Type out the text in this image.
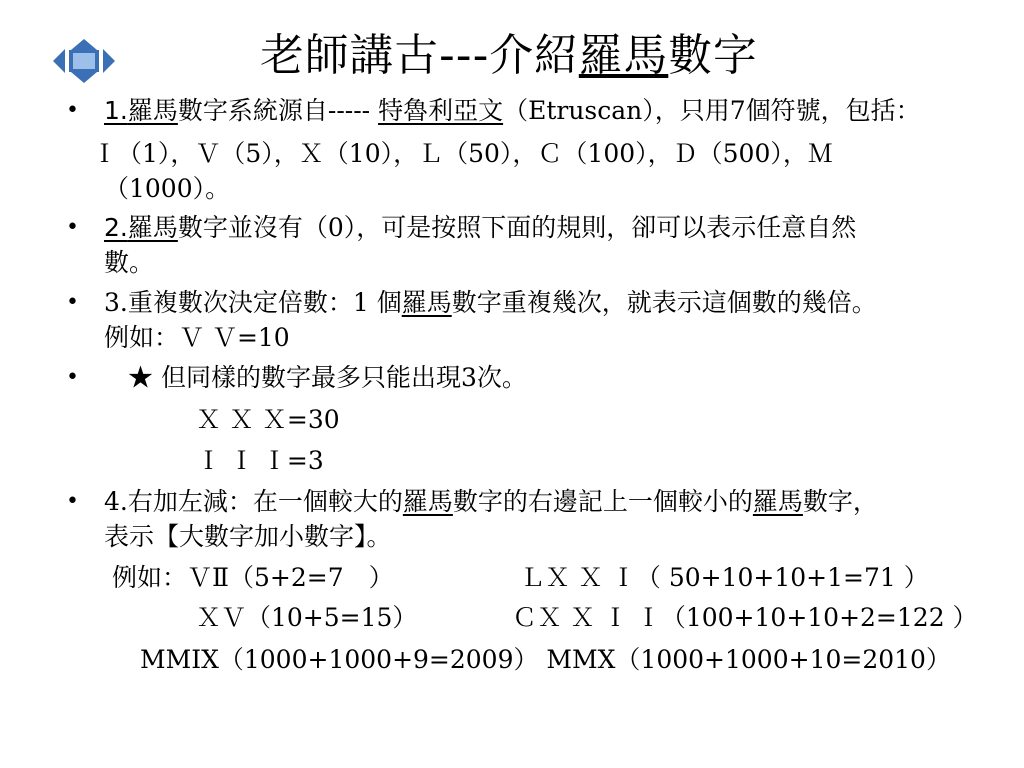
老師講古---介紹羅馬數字
• 1.羅馬數字系統源自----- 特魯利亞文（Etruscan），只用7個符號，包括：
Ｉ（1），Ｖ（5），Ｘ（10），Ｌ（50），Ｃ（100），Ｄ（500），Ｍ
（1000）。
• 2.羅馬數字並沒有（0），可是按照下面的規則，卻可以表示任意自然
數。
• 3.重複數次決定倍數：1 個羅馬數字重複幾次，就表示這個數的幾倍。
例如：Ｖ Ｖ=10
• ★ 但同樣的數字最多只能出現3次。
Ｘ Ｘ Ｘ=30
Ｉ Ｉ Ｉ=3
• 4.右加左減：在一個較大的羅馬數字的右邊記上一個較小的羅馬數字，
表示【大數字加小數字】。
例如：ＶⅡ（5+2=7　）	ＬＸ Ｘ Ｉ（ 50+10+10+1=71 ）
ＸＶ（10+5=15）	ＣＸ Ｘ Ｉ Ｉ（100+10+10+2=122 ）
MMIX（1000+1000+9=2009） MMX（1000+1000+10=2010）
